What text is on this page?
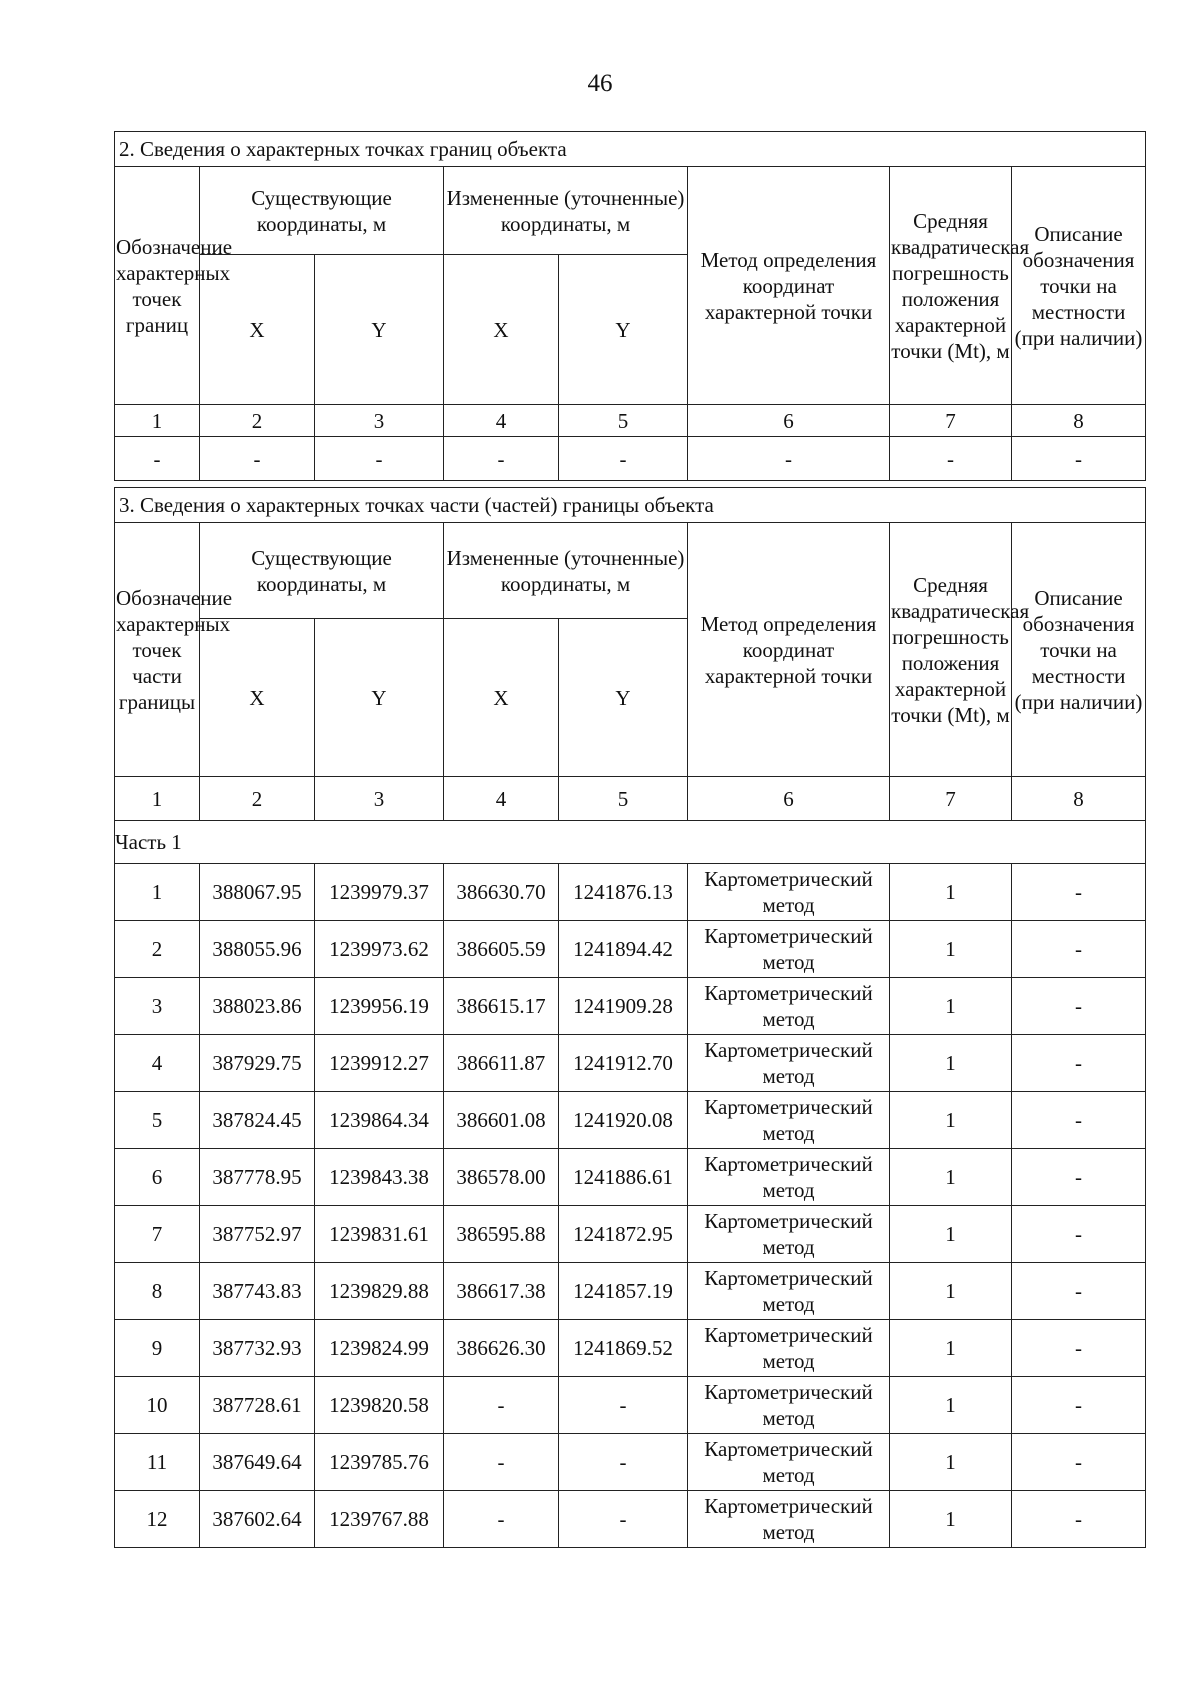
46
2. Сведения о характерных точках границ объекта							
Обозначение характерных точек границ	Существующие координаты, м		Измененные (уточненные) координаты, м		Метод определения координат характерной точки	Средняя квадратическая погрешность положения характерной точки (Mt), м	Описание обозначения точки на местности (при наличии)
	X	Y	X	Y			
1	2	3	4	5	6	7	8
-	-	-	-	-	-	-	-
3. Сведения о характерных точках части (частей) границы объекта							
Обозначение характерных точек части границы	Существующие координаты, м		Измененные (уточненные) координаты, м		Метод определения координат характерной точки	Средняя квадратическая погрешность положения характерной точки (Mt), м	Описание обозначения точки на местности (при наличии)
	X	Y	X	Y			
1	2	3	4	5	6	7	8
Часть 1							
1	388067.95	1239979.37	386630.70	1241876.13	Картометрический метод	1	-
2	388055.96	1239973.62	386605.59	1241894.42	Картометрический метод	1	-
3	388023.86	1239956.19	386615.17	1241909.28	Картометрический метод	1	-
4	387929.75	1239912.27	386611.87	1241912.70	Картометрический метод	1	-
5	387824.45	1239864.34	386601.08	1241920.08	Картометрический метод	1	-
6	387778.95	1239843.38	386578.00	1241886.61	Картометрический метод	1	-
7	387752.97	1239831.61	386595.88	1241872.95	Картометрический метод	1	-
8	387743.83	1239829.88	386617.38	1241857.19	Картометрический метод	1	-
9	387732.93	1239824.99	386626.30	1241869.52	Картометрический метод	1	-
10	387728.61	1239820.58	-	-	Картометрический метод	1	-
11	387649.64	1239785.76	-	-	Картометрический метод	1	-
12	387602.64	1239767.88	-	-	Картометрический метод	1	-
